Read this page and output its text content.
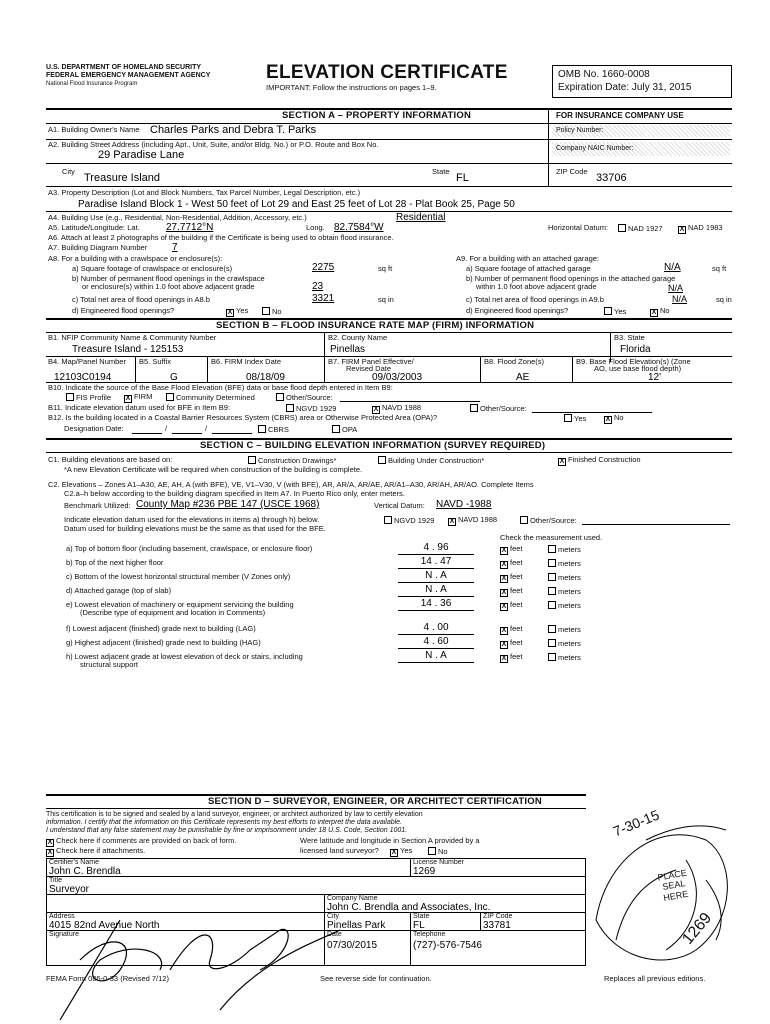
U.S. DEPARTMENT OF HOMELAND SECURITY
FEDERAL EMERGENCY MANAGEMENT AGENCY
National Flood Insurance Program
ELEVATION CERTIFICATE
IMPORTANT: Follow the instructions on pages 1–9.
OMB No. 1660-0008
Expiration Date: July 31, 2015
SECTION A – PROPERTY INFORMATION	FOR INSURANCE COMPANY USE
A1. Building Owner's Name Charles Parks and Debra T. Parks	Policy Number:
A2. Building Street Address (including Apt., Unit, Suite, and/or Bldg. No.) or P.O. Route and Box No.
29 Paradise Lane
Company NAIC Number:
City
Treasure Island
State
FL
ZIP Code
33706
A3. Property Description (Lot and Block Numbers, Tax Parcel Number, Legal Description, etc.)
Paradise Island Block 1 - West 50 feet of Lot 29 and East 25 feet of Lot 28 - Plat Book 25, Page 50
A4. Building Use (e.g., Residential, Non-Residential, Addition, Accessory, etc.)	Residential
A5. Latitude/Longitude: Lat.	27.7712°N	Long. 82.7584°W	Horizontal Datum:	NAD 1927 X NAD 1983
A6. Attach at least 2 photographs of the building if the Certificate is being used to obtain flood insurance.
A7. Building Diagram Number 7
A8. For a building with a crawlspace or enclosure(s):
a) Square footage of crawlspace or enclosure(s)	2275	sq ft
b) Number of permanent flood openings in the crawlspace
or enclosure(s) within 1.0 foot above adjacent grade	23
c) Total net area of flood openings in A8.b	3321	sq in
d) Engineered flood openings?	X Yes	No
A9. For a building with an attached garage:
a) Square footage of attached garage	N/A	sq ft
b) Number of permanent flood openings in the attached garage
within 1.0 foot above adjacent grade	N/A
c) Total net area of flood openings in A9.b	N/A	sq in
d) Engineered flood openings?	Yes	X No
SECTION B – FLOOD INSURANCE RATE MAP (FIRM) INFORMATION
B1. NFIP Community Name & Community Number
Treasure Island - 125153
B2. County Name
Pinellas
B3. State
Florida
B4. Map/Panel Number
12103C0194
B5. Suffix
G
B6. FIRM Index Date
08/18/09
B7. FIRM Panel Effective/
Revised Date
09/03/2003
B8. Flood Zone(s)
AE
B9. Base Flood Elevation(s) (Zone
AO, use base flood depth)
12'
B10. Indicate the source of the Base Flood Elevation (BFE) data or base flood depth entered in Item B9:
FIS Profile X FIRM	Community Determined	Other/Source:
B11. Indicate elevation datum used for BFE in Item B9:	NGVD 1929	X NAVD 1988	Other/Source:
B12. Is the building located in a Coastal Barrier Resources System (CBRS) area or Otherwise Protected Area (OPA)?	Yes	X No
Designation Date:	/	/	CBRS	OPA
SECTION C – BUILDING ELEVATION INFORMATION (SURVEY REQUIRED)
C1. Building elevations are based on:	Construction Drawings*	Building Under Construction*	X Finished Construction
*A new Elevation Certificate will be required when construction of the building is complete.
C2. Elevations – Zones A1–A30, AE, AH, A (with BFE), VE, V1–V30, V (with BFE), AR, AR/A, AR/AE, AR/A1–A30, AR/AH, AR/AO. Complete Items
C2.a–h below according to the building diagram specified in Item A7. In Puerto Rico only, enter meters.
Benchmark Utilized: County Map #236 PBE 147 (USCE 1968)	Vertical Datum: NAVD -1988
Indicate elevation datum used for the elevations in items a) through h) below.	NGVD 1929 X NAVD 1988	Other/Source:
Datum used for building elevations must be the same as that used for the BFE.
Check the measurement used.
a) Top of bottom floor (including basement, crawlspace, or enclosure floor)	4 . 96	X feet	meters
b) Top of the next higher floor	14 . 47	X feet	meters
c) Bottom of the lowest horizontal structural member (V Zones only)	N . A	X feet	meters
d) Attached garage (top of slab)	N . A	X feet	meters
e) Lowest elevation of machinery or equipment servicing the building
(Describe type of equipment and location in Comments)
14 . 36	X feet	meters
f) Lowest adjacent (finished) grade next to building (LAG)	4 . 00	X feet	meters
g) Highest adjacent (finished) grade next to building (HAG)	4 . 60	X feet	meters
h) Lowest adjacent grade at lowest elevation of deck or stairs, including
structural support
N . A	X feet	meters
SECTION D – SURVEYOR, ENGINEER, OR ARCHITECT CERTIFICATION
This certification is to be signed and sealed by a land surveyor, engineer, or architect authorized by law to certify elevation
information. I certify that the information on this Certificate represents my best efforts to interpret the data available.
I understand that any false statement may be punishable by fine or imprisonment under 18 U.S. Code, Section 1001.
X Check here if comments are provided on back of form.
X Check here if attachments.
Were latitude and longitude in Section A provided by a
licensed land surveyor? X Yes	No
Certifier's Name
John C. Brendla
License Number
1269
Title
Surveyor
Company Name
John C. Brendla and Associates, Inc.
Address
4015 82nd Avenue North
City
Pinellas Park
State
FL
ZIP Code
33781
Signature	Date
07/30/2015
Telephone
(727)-576-7546
7-30-15
PLACE SEAL HERE
1269
FEMA Form 086-0-33 (Revised 7/12)	See reverse side for continuation.	Replaces all previous editions.
